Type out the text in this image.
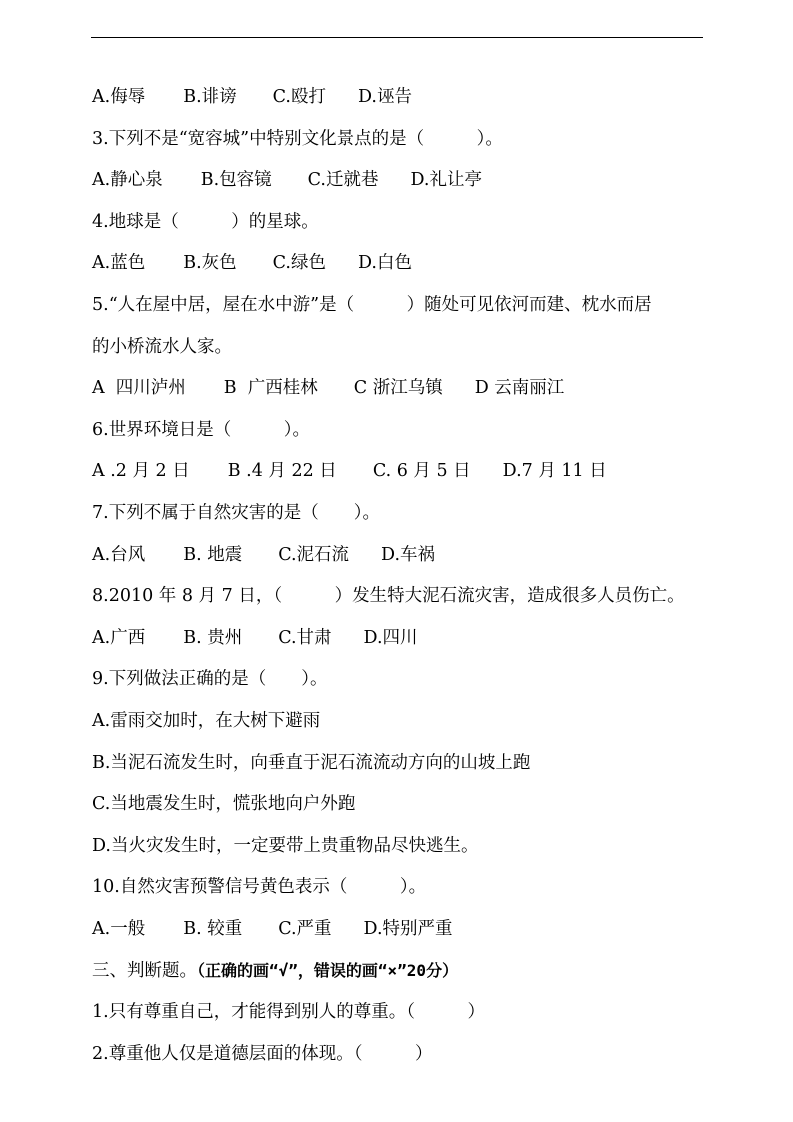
A.侮辱 B.诽谤 C.殴打 D.诬告
3.下列不是“宽容城”中特别文化景点的是（　　　）。
A.静心泉 B.包容镜 C.迁就巷 D.礼让亭
4.地球是（　　　）的星球。
A.蓝色 B.灰色 C.绿色 D.白色
5.“人在屋中居，屋在水中游”是（　　　）随处可见依河而建、枕水而居
的小桥流水人家。
A  四川泸州 B  广西桂林 C 浙江乌镇 D 云南丽江
6.世界环境日是（　　　）。
A .2 月 2 日 B .4 月 22 日 C. 6 月 5 日 D.7 月 11 日
7.下列不属于自然灾害的是（　　）。
A.台风 B. 地震 C.泥石流 D.车祸
8.2010 年 8 月 7 日，（　　　）发生特大泥石流灾害，造成很多人员伤亡。
A.广西 B. 贵州 C.甘肃 D.四川
9.下列做法正确的是（　　）。
A.雷雨交加时，在大树下避雨
B.当泥石流发生时，向垂直于泥石流流动方向的山坡上跑
C.当地震发生时，慌张地向户外跑
D.当火灾发生时，一定要带上贵重物品尽快逃生。
10.自然灾害预警信号黄色表示（　　　）。
A.一般 B. 较重 C.严重 D.特别严重
三、判断题。（正确的画“√”，错误的画“×”20分）
1.只有尊重自己，才能得到别人的尊重。（　　　）
2.尊重他人仅是道德层面的体现。（　　　）
